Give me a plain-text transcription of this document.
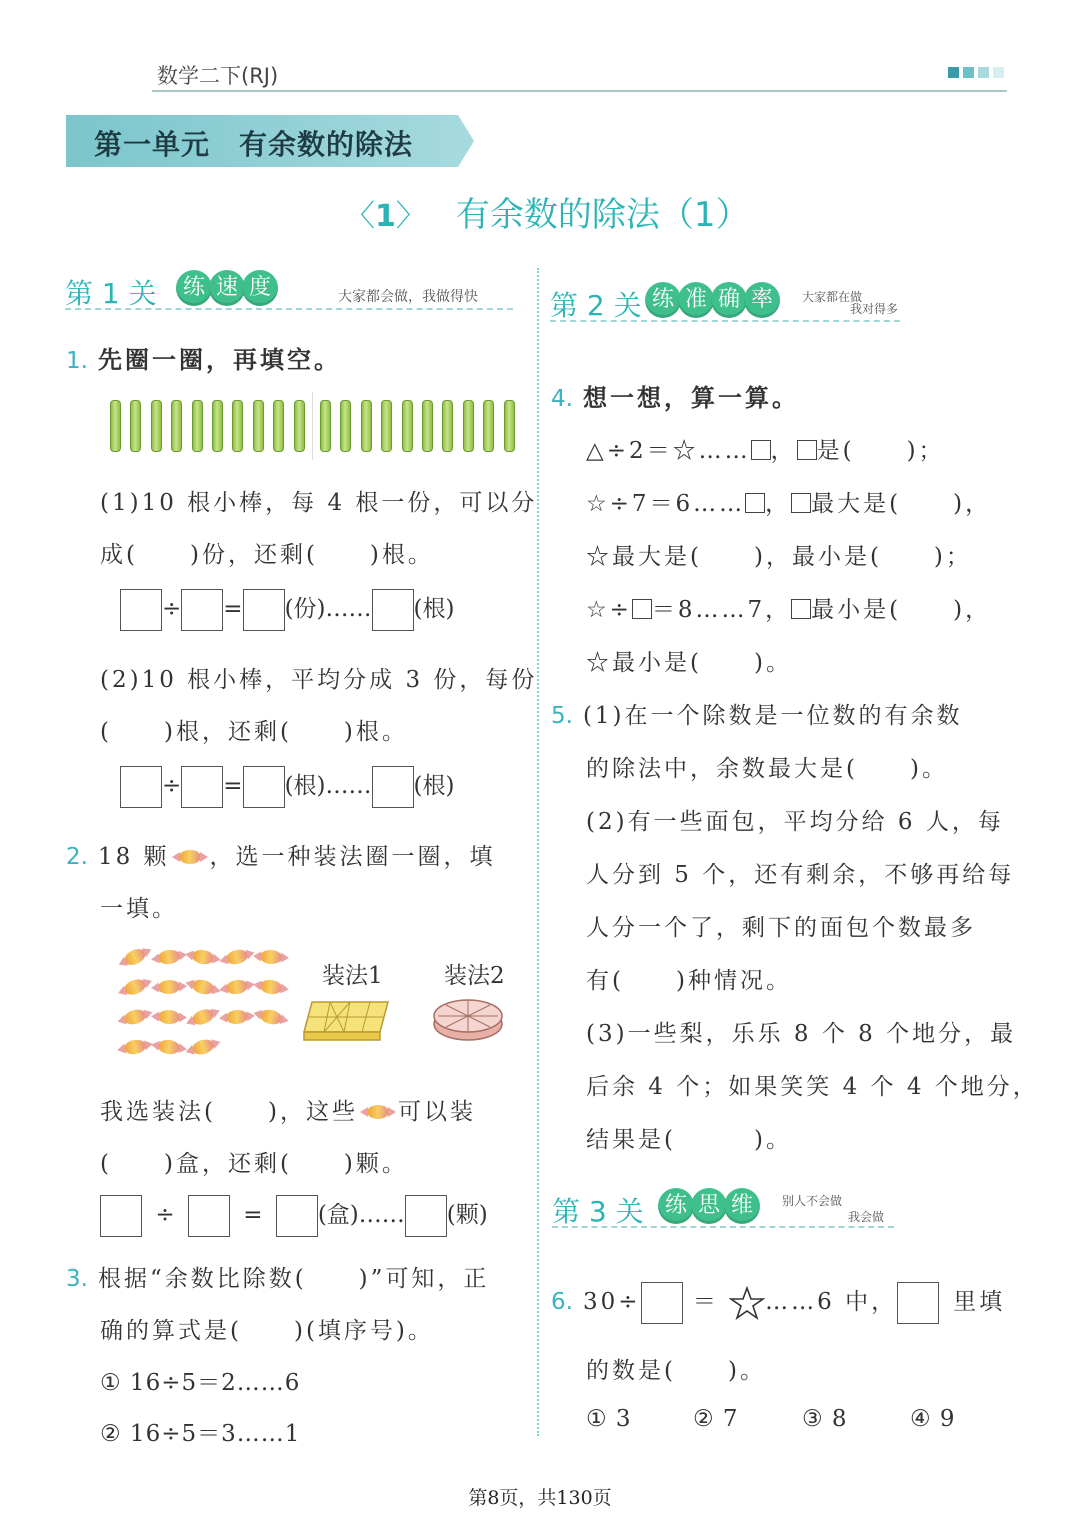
数学二下(RJ)
第一单元　有余数的除法
〈1〉 有余数的除法（1）
第 1 关	练 速 度	大家都会做，我做得快	第 2 关 练 准 确 率	大家都在做
我对得多
1. 先圈一圈，再填空。
(1)10 根小棒，每 4 根一份，可以分
成(　　)份，还剩(　　)根。
÷ = (份)…… (根)
(2)10 根小棒，平均分成 3 份，每份
(　　)根，还剩(　　)根。
÷ = (根)…… (根)
2. 18 颗 ，选一种装法圈一圈，填
一填。
装法1	装法2
我选装法(　　)，这些 可以装
(　　)盒，还剩(　　)颗。
÷	= (盒)…… (颗)
3. 根据“余数比除数(　　)”可知，正
确的算式是(　　)(填序号)。
① 16÷5＝2……6
② 16÷5＝3……1
4. 想一想，算一算。
△÷2＝☆…… ， 是(　　)；
☆÷7＝6…… ， 最大是(　　)，
☆最大是(　　)，最小是(　　)；
☆÷ ＝8……7， 最小是(　　)，
☆最小是(　　)。
5. (1)在一个除数是一位数的有余数
的除法中，余数最大是(　　)。
(2)有一些面包，平均分给 6 人，每
人分到 5 个，还有剩余，不够再给每
人分一个了，剩下的面包个数最多
有(　　)种情况。
(3)一些梨，乐乐 8 个 8 个地分，最
后余 4 个；如果笑笑 4 个 4 个地分，
结果是(　　　)。
第 3 关 练 思 维	别人不会做
我会做
6. 30÷ ＝ ……6 中， 里填
的数是(　　)。
① 3	② 7	③ 8	④ 9
第8页，共130页
